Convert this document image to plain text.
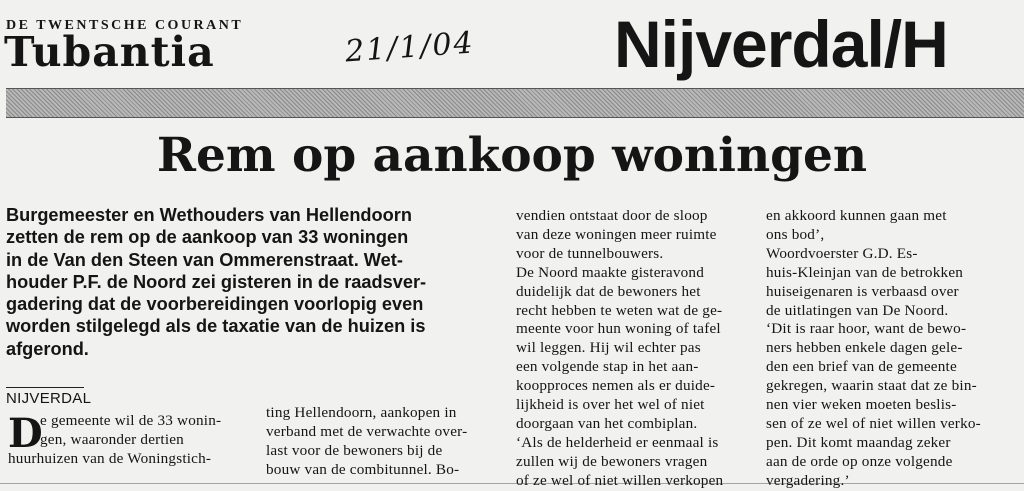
DE TWENTSCHE COURANT
Tubantia	21/1/04 Nijverdal/H
Rem op aankoop woningen

Burgemeester en Wethouders van Hellendoorn

zetten de rem op de aankoop van 33 woningen

in de Van den Steen van Ommerenstraat. Wet-

houder P.F. de Noord zei gisteren in de raadsver-

gadering dat de voorbereidingen voorlopig even

worden stilgelegd als de taxatie van de huizen is

afgerond.

NIJVERDAL
D

e gemeente wil de 33 wonin-

gen, waaronder dertien

huurhuizen van de Woningstich-

ting Hellendoorn, aankopen in

verband met de verwachte over-

last voor de bewoners bij de

bouw van de combitunnel. Bo-

vendien ontstaat door de sloop

van deze woningen meer ruimte

voor de tunnelbouwers.

De Noord maakte gisteravond

duidelijk dat de bewoners het

recht hebben te weten wat de ge-

meente voor hun woning of tafel

wil leggen. Hij wil echter pas

een volgende stap in het aan-

koopproces nemen als er duide-

lijkheid is over het wel of niet

doorgaan van het combiplan.

‘Als de helderheid er eenmaal is

zullen wij de bewoners vragen

of ze wel of niet willen verkopen

en akkoord kunnen gaan met

ons bod’,

Woordvoerster G.D. Es-

huis-Kleinjan van de betrokken

huiseigenaren is verbaasd over

de uitlatingen van De Noord.

‘Dit is raar hoor, want de bewo-

ners hebben enkele dagen gele-

den een brief van de gemeente

gekregen, waarin staat dat ze bin-

nen vier weken moeten beslis-

sen of ze wel of niet willen verko-

pen. Dit komt maandag zeker

aan de orde op onze volgende

vergadering.’
